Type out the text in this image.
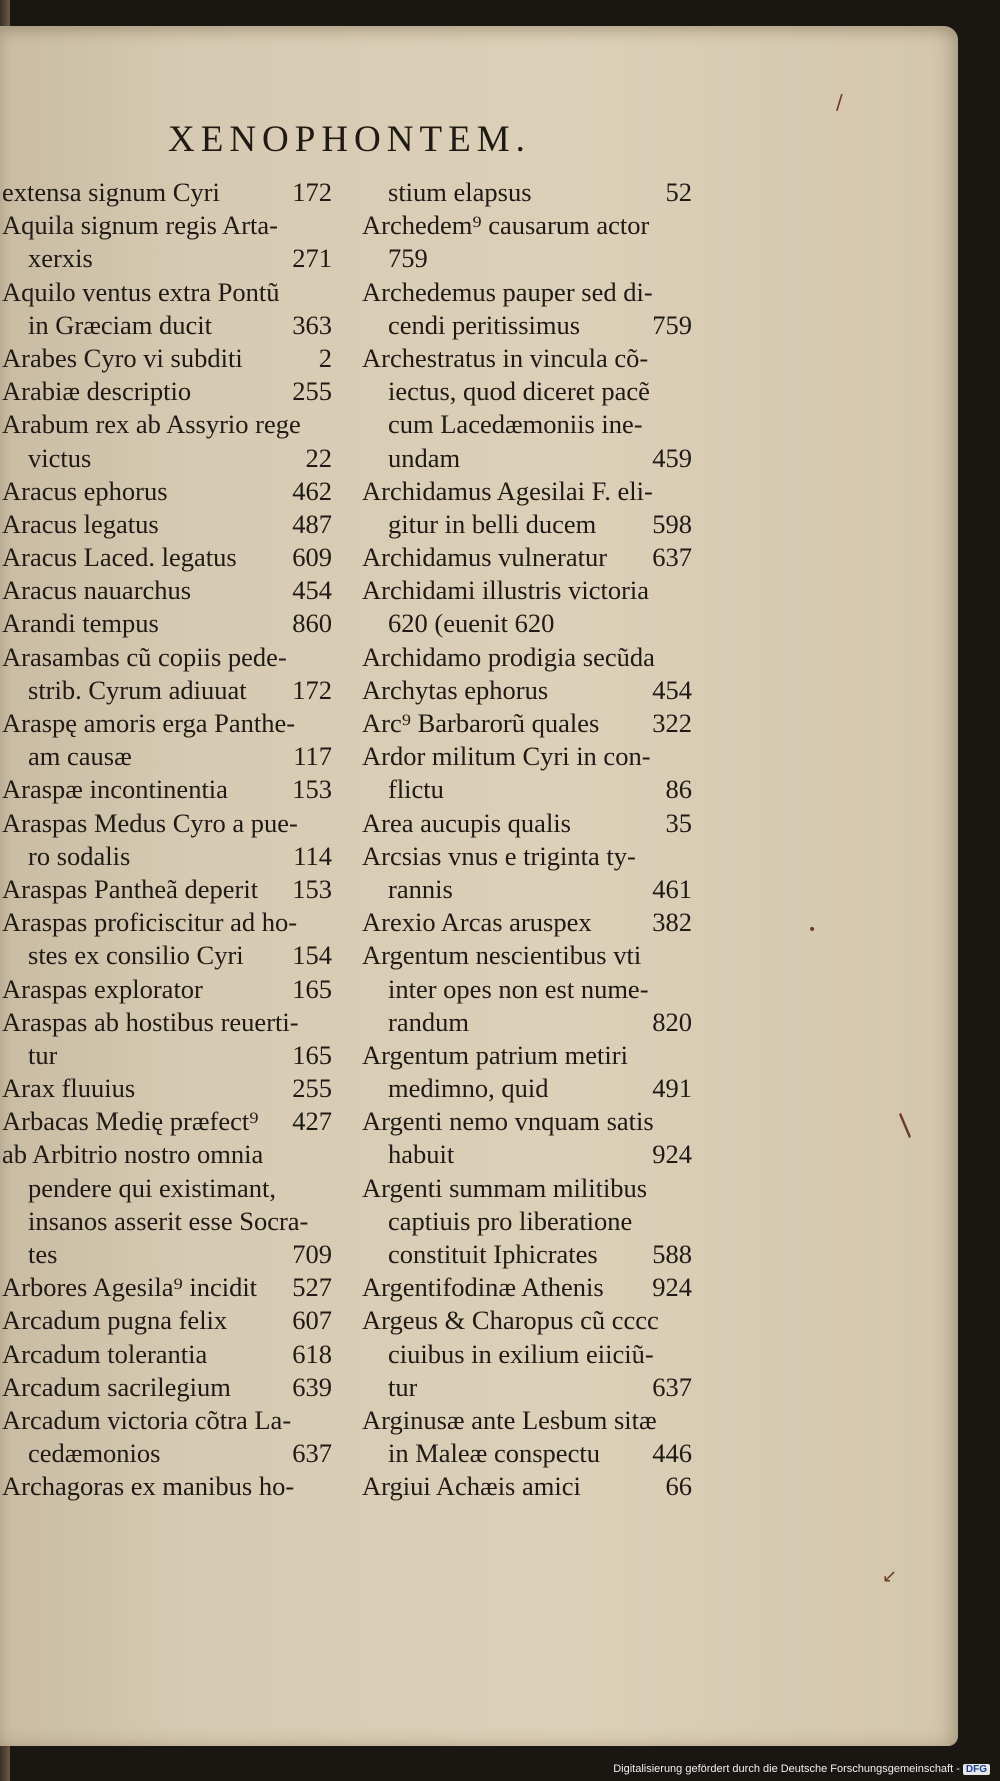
XENOPHONTEM.
extensa signum Cyri	172
Aquila signum regis Arta-
xerxis	271
Aquilo ventus extra Pontũ
in Græciam ducit	363
Arabes Cyro vi subditi	2
Arabiæ descriptio	255
Arabum rex ab Assyrio rege
victus	22
Aracus ephorus	462
Aracus legatus	487
Aracus Laced. legatus 609
Aracus nauarchus	454
Arandi tempus	860
Arasambas cũ copiis pede-
strib. Cyrum adiuuat 172
Araspę amoris erga Panthe-
am causæ	117
Araspæ incontinentia 153
Araspas Medus Cyro a pue-
ro sodalis	114
Araspas Pantheã deperit 153
Araspas proficiscitur ad ho-
stes ex consilio Cyri 154
Araspas explorator	165
Araspas ab hostibus reuerti-
tur	165
Arax fluuius	255
Arbacas Medię præfect⁹ 427
ab Arbitrio nostro omnia
pendere qui existimant,
insanos asserit esse Socra-
tes	709
Arbores Agesila⁹ incidit 527
Arcadum pugna felix 607
Arcadum tolerantia	618
Arcadum sacrilegium 639
Arcadum victoria cõtra La-
cedæmonios	637
Archagoras ex manibus ho-
stium elapsus	52
Archedem⁹ causarum actor
759
Archedemus pauper sed di-
cendi peritissimus	759
Archestratus in vincula cõ-
iectus, quod diceret pacẽ
cum Lacedæmoniis ine-
undam	459
Archidamus Agesilai F. eli-
gitur in belli ducem 598
Archidamus vulneratur 637
Archidami illustris victoria
620 (euenit 620
Archidamo prodigia secũda
Archytas ephorus	454
Arc⁹ Barbarorũ quales 322
Ardor militum Cyri in con-
flictu	86
Area aucupis qualis	35
Arcsias vnus e triginta ty-
rannis	461
Arexio Arcas aruspex 382
Argentum nescientibus vti
inter opes non est nume-
randum	820
Argentum patrium metiri
medimno, quid	491
Argenti nemo vnquam satis
habuit	924
Argenti summam militibus
captiuis pro liberatione
constituit Iphicrates 588
Argentifodinæ Athenis 924
Argeus & Charopus cũ cccc
ciuibus in exilium eiiciũ-
tur	637
Arginusæ ante Lesbum sitæ
in Maleæ conspectu 446
Argiui Achæis amici	66
/
/
•
↙
Digitalisierung gefördert durch die Deutsche Forschungsgemeinschaft - DFG
